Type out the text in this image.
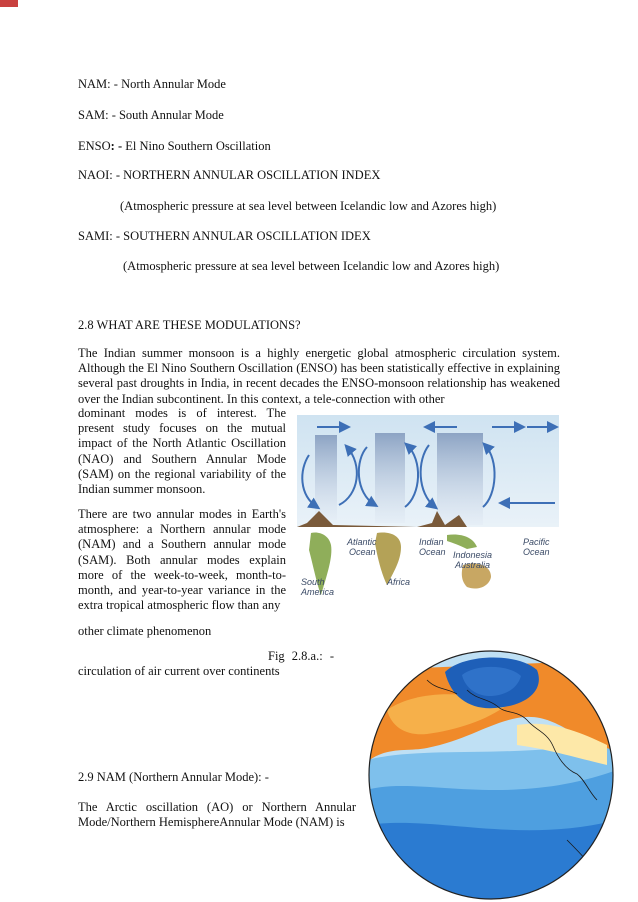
NAM: - North Annular Mode
SAM: - South Annular Mode
ENSO: - El Nino Southern Oscillation
NAOI: - NORTHERN ANNULAR OSCILLATION INDEX
(Atmospheric pressure at sea level between Icelandic low and Azores high)
SAMI: - SOUTHERN ANNULAR OSCILLATION IDEX
(Atmospheric pressure at sea level between Icelandic low and Azores high)
2.8 WHAT ARE THESE MODULATIONS?
The Indian summer monsoon is a highly energetic global atmospheric circulation system. Although the El Nino Southern Oscillation (ENSO) has been statistically effective in explaining several past droughts in India, in recent decades the ENSO-monsoon relationship has weakened over the Indian subcontinent. In this context, a tele-connection with other
dominant modes is of interest. The present study focuses on the mutual impact of the North Atlantic Oscillation (NAO) and Southern Annular Mode (SAM) on the regional variability of the Indian summer monsoon.
There are two annular modes in Earth's atmosphere: a Northern annular mode (NAM) and a Southern annular mode (SAM). Both annular modes explain more of the week-to-week, month-to-month, and year-to-year variance in the extra tropical atmospheric flow than any
other climate phenomenon
Fig 2.8.a.: -
circulation of air current over continents
South America
Atlantic Ocean
Africa
Indian Ocean Indonesia Australia
Pacific Ocean
2.9 NAM (Northern Annular Mode): -
The Arctic oscillation (AO) or Northern Annular Mode/Northern HemisphereAnnular Mode (NAM) is
